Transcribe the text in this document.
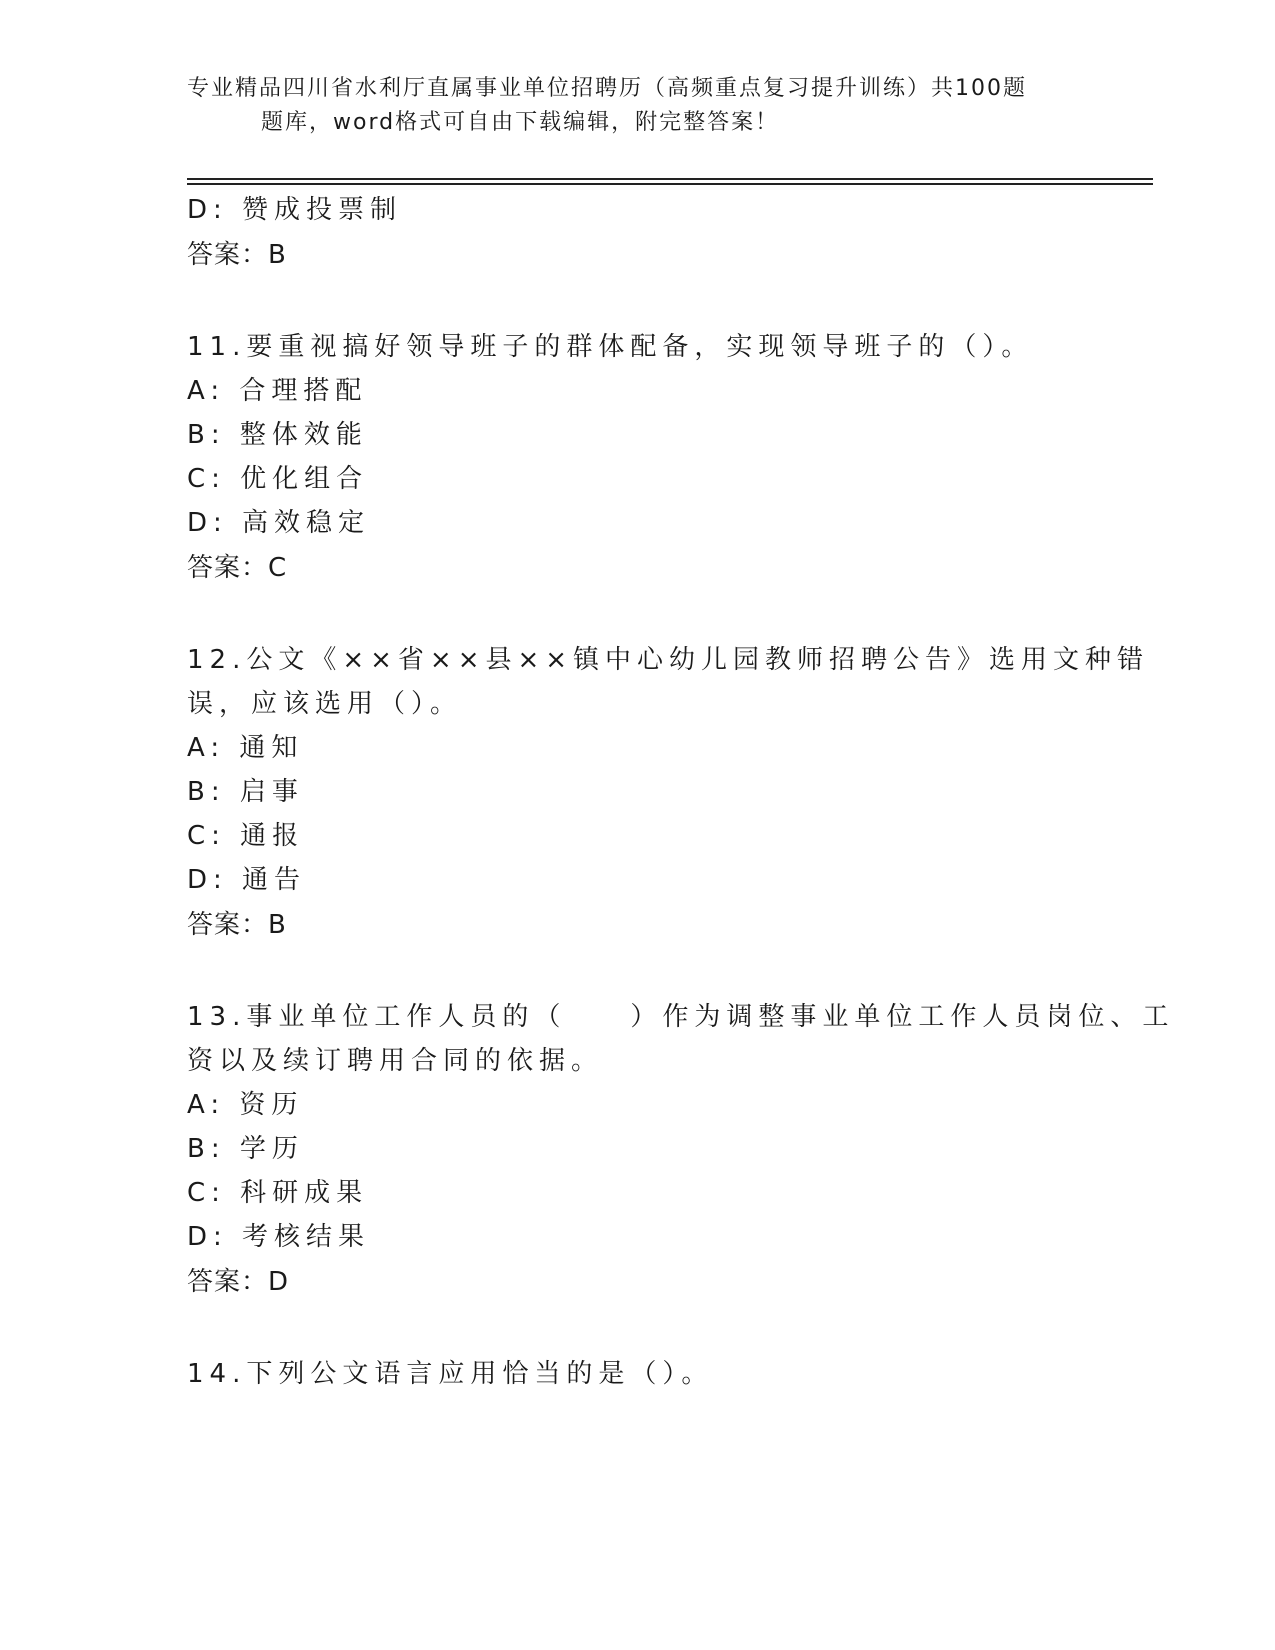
专业精品四川省水利厅直属事业单位招聘历（高频重点复习提升训练）共100题
题库，word格式可自由下载编辑，附完整答案！
D: 赞成投票制
答案：B
11.要重视搞好领导班子的群体配备，实现领导班子的（）。
A: 合理搭配
B: 整体效能
C: 优化组合
D: 高效稳定
答案：C
12.公文《××省××县××镇中心幼儿园教师招聘公告》选用文种错
误，应该选用（）。
A: 通知
B: 启事
C: 通报
D: 通告
答案：B
13.事业单位工作人员的（　　）作为调整事业单位工作人员岗位、工
资以及续订聘用合同的依据。
A: 资历
B: 学历
C: 科研成果
D: 考核结果
答案：D
14.下列公文语言应用恰当的是（）。
